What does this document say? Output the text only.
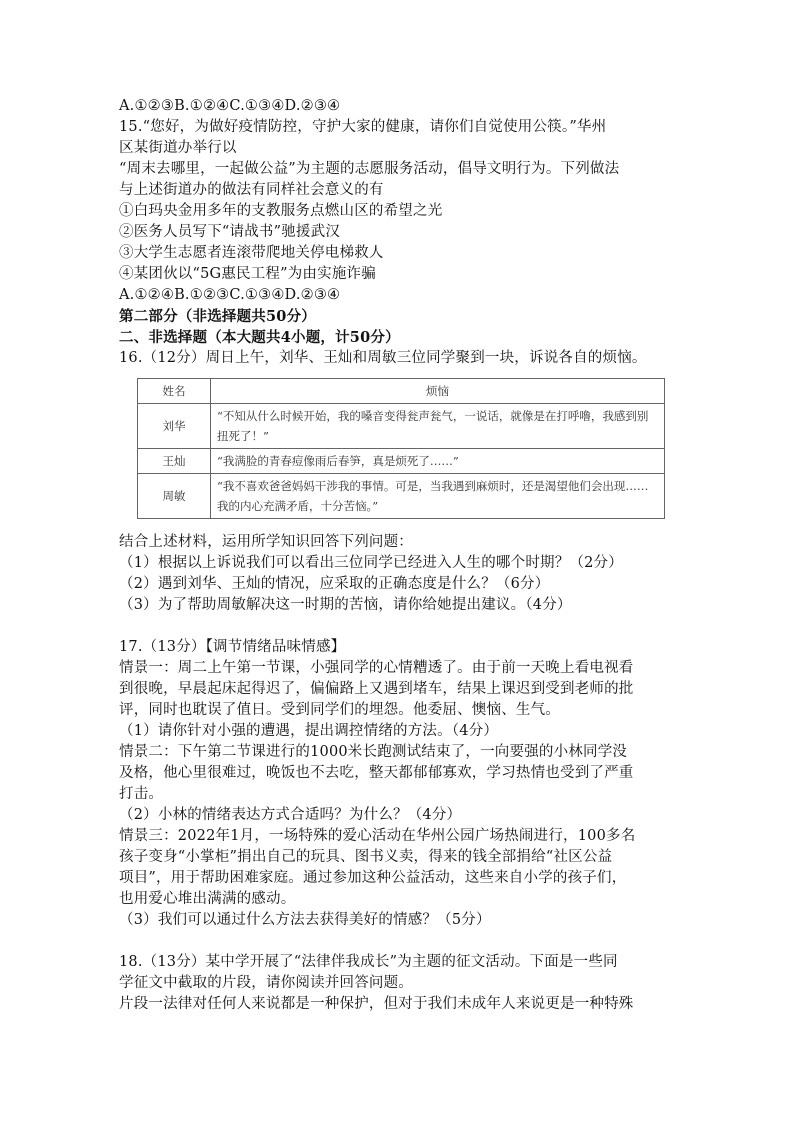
A.①②③B.①②④C.①③④D.②③④
15.“您好，为做好疫情防控，守护大家的健康，请你们自觉使用公筷。”华州
区某街道办举行以
“周末去哪里，一起做公益”为主题的志愿服务活动，倡导文明行为。下列做法
与上述街道办的做法有同样社会意义的有
①白玛央金用多年的支教服务点燃山区的希望之光
②医务人员写下“请战书”驰援武汉
③大学生志愿者连滚带爬地关停电梯救人
④某团伙以“5G惠民工程”为由实施诈骗
A.①②④B.①②③C.①③④D.②③④
第二部分（非选择题共50分）
二、非选择题（本大题共4小题，计50分）
16.（12分）周日上午，刘华、王灿和周敏三位同学聚到一块，诉说各自的烦恼。
姓名	烦恼
刘华	“不知从什么时候开始，我的嗓音变得瓮声瓮气，一说话，就像是在打呼噜，我感到别扭死了！”
王灿	“我满脸的青春痘像雨后春笋，真是烦死了……”
周敏	“我不喜欢爸爸妈妈干涉我的事情。可是，当我遇到麻烦时，还是渴望他们会出现……我的内心充满矛盾，十分苦恼。”
结合上述材料，运用所学知识回答下列问题：
（1）根据以上诉说我们可以看出三位同学已经进入人生的哪个时期？（2分）
（2）遇到刘华、王灿的情况，应采取的正确态度是什么？（6分）
（3）为了帮助周敏解决这一时期的苦恼，请你给她提出建议。（4分）
17.（13分）【调节情绪品味情感】
情景一：周二上午第一节课，小强同学的心情糟透了。由于前一天晚上看电视看
到很晚，早晨起床起得迟了，偏偏路上又遇到堵车，结果上课迟到受到老师的批
评，同时也耽误了值日。受到同学们的埋怨。他委屈、懊恼、生气。
（1）请你针对小强的遭遇，提出调控情绪的方法。（4分）
情景二：下午第二节课进行的1000米长跑测试结束了，一向要强的小林同学没
及格，他心里很难过，晚饭也不去吃，整天都郁郁寡欢，学习热情也受到了严重
打击。
（2）小林的情绪表达方式合适吗？为什么？（4分）
情景三：2022年1月，一场特殊的爱心活动在华州公园广场热闹进行，100多名
孩子变身“小掌柜”捐出自己的玩具、图书义卖，得来的钱全部捐给“社区公益
项目”，用于帮助困难家庭。通过参加这种公益活动，这些来自小学的孩子们，
也用爱心堆出满满的感动。
（3）我们可以通过什么方法去获得美好的情感？（5分）
18.（13分）某中学开展了“法律伴我成长”为主题的征文活动。下面是一些同
学征文中截取的片段，请你阅读并回答问题。
片段一法律对任何人来说都是一种保护，但对于我们未成年人来说更是一种特殊
